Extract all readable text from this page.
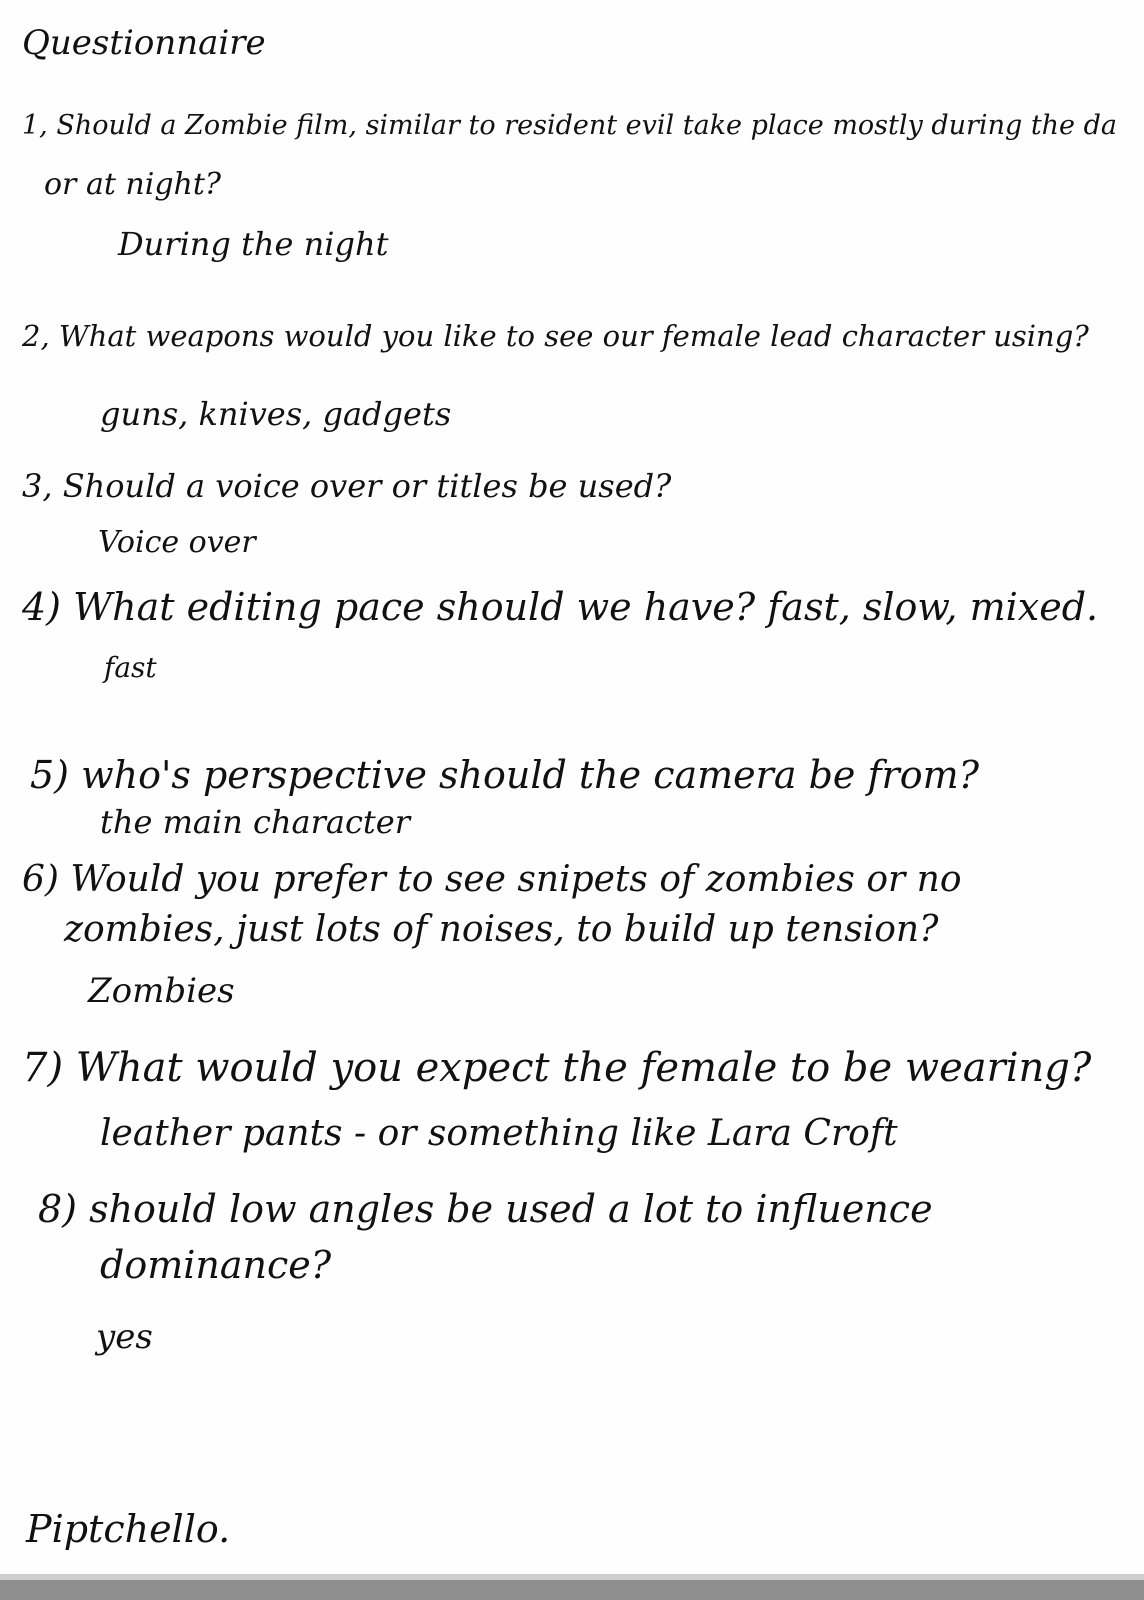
Questionnaire
1, Should a Zombie film, similar to resident evil take place mostly during the da
or at night?
During the night
2, What weapons would you like to see our female lead character using?
guns, knives, gadgets
3, Should a voice over or titles be used?
Voice over
4) What editing pace should we have? fast, slow, mixed.
fast
5) who's perspective should the camera be from?
the main character
6) Would you prefer to see snipets of zombies or no
zombies, just lots of noises, to build up tension?
Zombies
7) What would you expect the female to be wearing?
leather pants - or something like Lara Croft
8) should low angles be used a lot to influence
dominance?
yes
Piptchello.
